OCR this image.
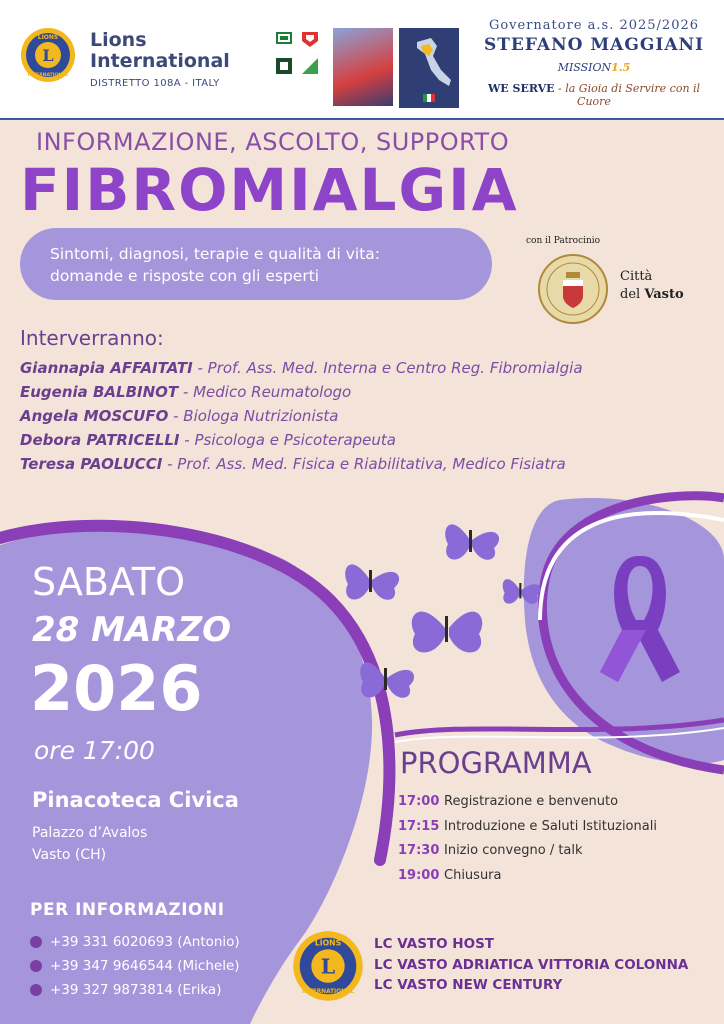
L
LIONS
INTERNATIONAL
Lions
International
DISTRETTO 108A - ITALY
Governatore a.s. 2025/2026
STEFANO MAGGIANI
MISSION1.5
WE SERVE - la Gioia di Servire con il Cuore
INFORMAZIONE, ASCOLTO, SUPPORTO
FIBROMIALGIA
Sintomi, diagnosi, terapie e qualità di vita:
domande e risposte con gli esperti
con il Patrocinio
Città
del Vasto
Interverranno:
Giannapia AFFAITATI - Prof. Ass. Med. Interna e Centro Reg. Fibromialgia
Eugenia BALBINOT - Medico Reumatologo
Angela MOSCUFO - Biologa Nutrizionista
Debora PATRICELLI - Psicologa e Psicoterapeuta
Teresa PAOLUCCI - Prof. Ass. Med. Fisica e Riabilitativa, Medico Fisiatra
SABATO
28 MARZO
2026
ore 17:00
Pinacoteca Civica
Palazzo d’Avalos
Vasto (CH)
PER INFORMAZIONI
+39 331 6020693 (Antonio)
+39 347 9646544 (Michele)
+39 327 9873814 (Erika)
PROGRAMMA
17:00 Registrazione e benvenuto
17:15 Introduzione e Saluti Istituzionali
17:30 Inizio convegno / talk
19:00 Chiusura
L
LIONS
INTERNATIONAL
LC VASTO HOST
LC VASTO ADRIATICA VITTORIA COLONNA
LC VASTO NEW CENTURY
